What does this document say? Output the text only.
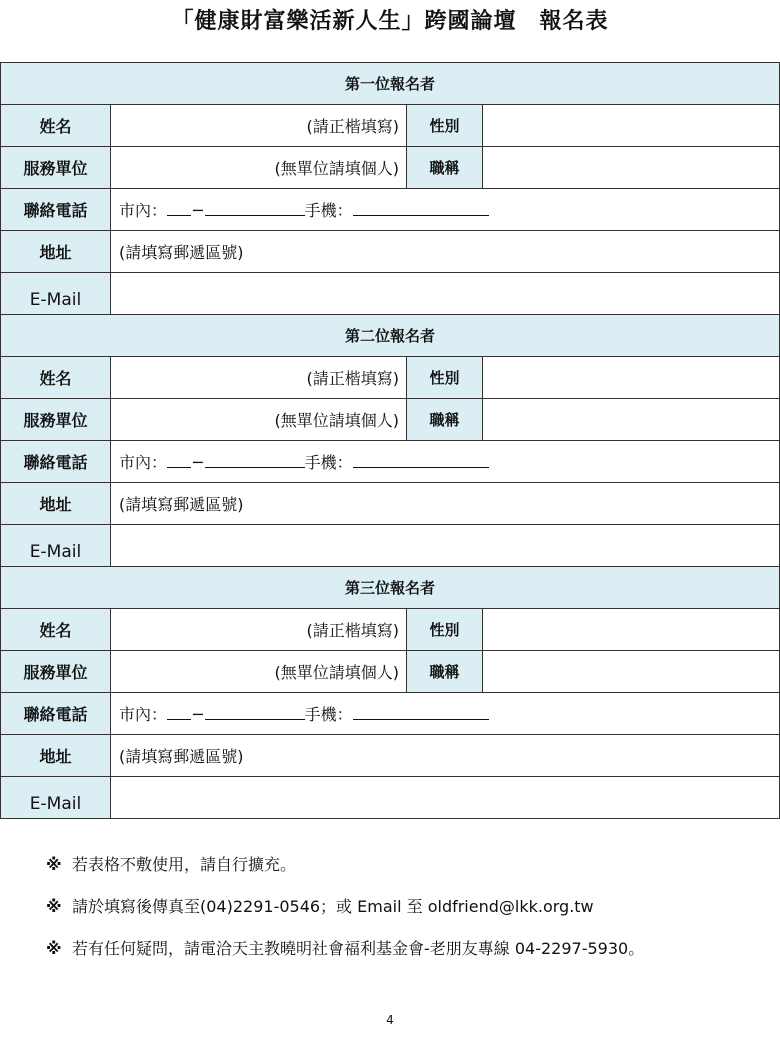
「健康財富樂活新人生」跨國論壇　報名表
第一位報名者			
姓名	(請正楷填寫)	性別	
服務單位	(無單位請填個人)	職稱	
聯絡電話	市內： ─ 手機：		
地址	(請填寫郵遞區號)		
E-Mail			
第二位報名者			
姓名	(請正楷填寫)	性別	
服務單位	(無單位請填個人)	職稱	
聯絡電話	市內： ─ 手機：		
地址	(請填寫郵遞區號)		
E-Mail			
第三位報名者			
姓名	(請正楷填寫)	性別	
服務單位	(無單位請填個人)	職稱	
聯絡電話	市內： ─ 手機：		
地址	(請填寫郵遞區號)		
E-Mail			
※ 若表格不敷使用，請自行擴充。
※ 請於填寫後傳真至(04)2291-0546；或 Email 至 oldfriend@lkk.org.tw
※ 若有任何疑問，請電洽天主教曉明社會福利基金會-老朋友專線 04-2297-5930。
4
